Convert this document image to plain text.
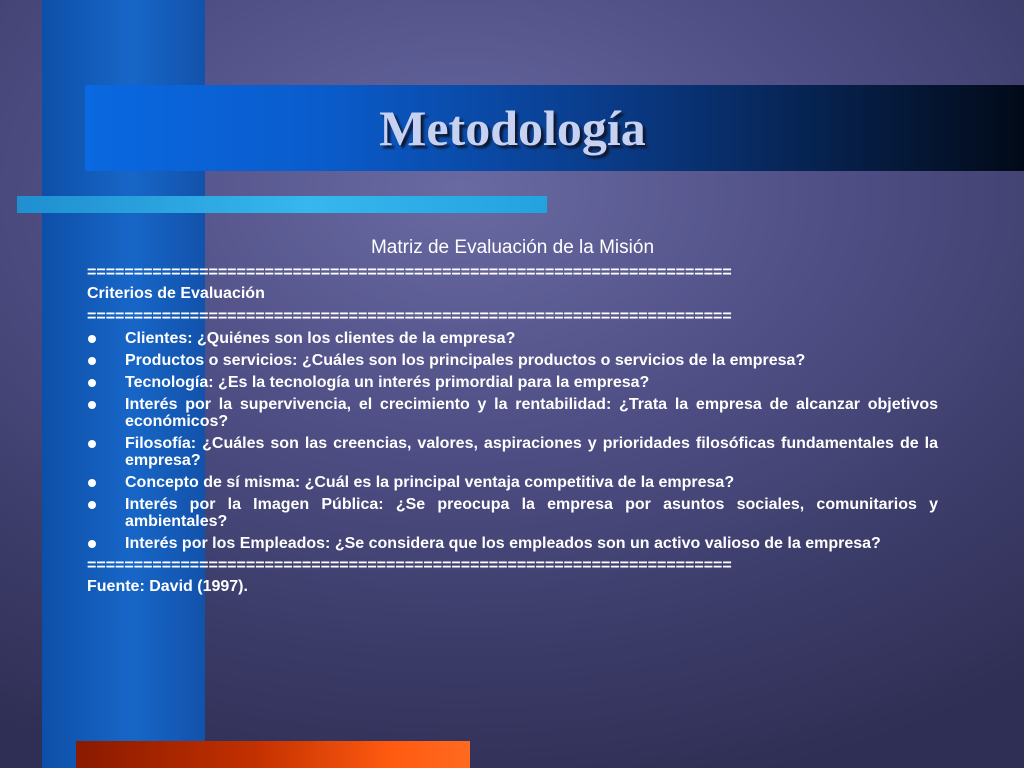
Metodología
Matriz de Evaluación de la Misión
=====================================================================
Criterios de Evaluación
=====================================================================
Clientes: ¿Quiénes son los clientes de la empresa?
Productos o servicios: ¿Cuáles son los principales productos o servicios de la empresa?
Tecnología: ¿Es la tecnología un interés primordial para la empresa?
Interés por la supervivencia, el crecimiento y la rentabilidad: ¿Trata la empresa de alcanzar objetivos económicos?
Filosofía: ¿Cuáles son las creencias, valores, aspiraciones y prioridades filosóficas fundamentales de la empresa?
Concepto de sí misma: ¿Cuál es la principal ventaja competitiva de la empresa?
Interés por la Imagen Pública: ¿Se preocupa la empresa por asuntos sociales, comunitarios y ambientales?
Interés por los Empleados: ¿Se considera que los empleados son un activo valioso de la empresa?
=====================================================================
Fuente: David (1997).
